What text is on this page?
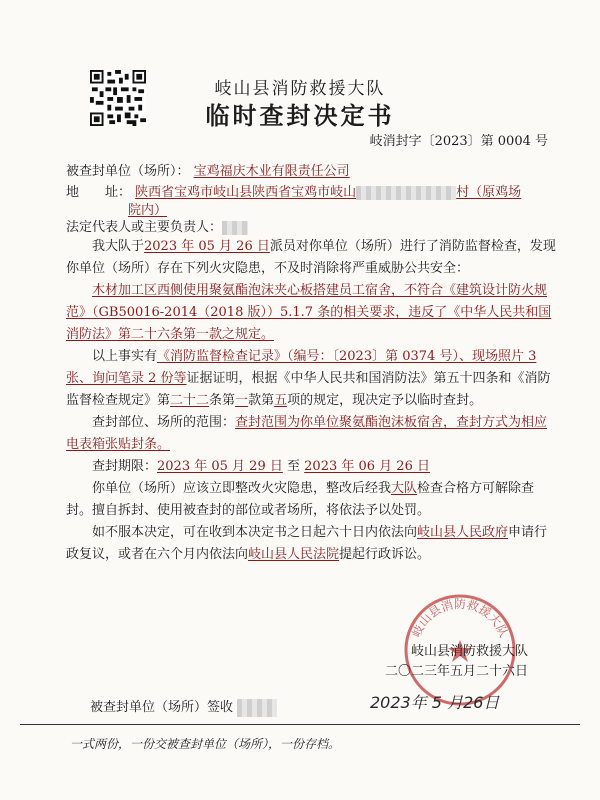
岐山县消防救援大队
临时查封决定书
岐消封字〔2023〕第 0004 号
被查封单位（场所）： 宝鸡福庆木业有限责任公司
地　　址： 陕西省宝鸡市岐山县陕西省宝鸡市岐山	村（原鸡场
院内）
法定代表人或主要负责人：
我大队于2023 年 05 月 26 日派员对你单位（场所）进行了消防监督检查，发现你单位（场所）存在下列火灾隐患，不及时消除将严重威胁公共安全：
木材加工区西侧使用聚氨酯泡沫夹心板搭建员工宿舍，不符合《建筑设计防火规范》（GB50016-2014（2018 版））5.1.7 条的相关要求，违反了《中华人民共和国消防法》第二十六条第一款之规定。
以上事实有《消防监督检查记录》（编号：〔2023〕第 0374 号）、现场照片 3 张、询问笔录 2 份等证据证明，根据《中华人民共和国消防法》第五十四条和《消防监督检查规定》第二十二条第一款第五项的规定，现决定予以临时查封。
查封部位、场所的范围：查封范围为你单位聚氨酯泡沫板宿舍，查封方式为相应电表箱张贴封条。
查封期限：2023 年 05 月 29 日 至 2023 年 06 月 26 日
你单位（场所）应该立即整改火灾隐患，整改后经我大队检查合格方可解除查封。擅自拆封、使用被查封的部位或者场所，将依法予以处罚。
如不服本决定，可在收到本决定书之日起六十日内依法向岐山县人民政府申请行政复议，或者在六个月内依法向岐山县人民法院提起行政诉讼。
岐山县消防救援大队
岐山县消防救援大队
二〇二三年五月二十六日
被查封单位（场所）签收	2023年 5 月26日
一式两份，一份交被查封单位（场所），一份存档。
